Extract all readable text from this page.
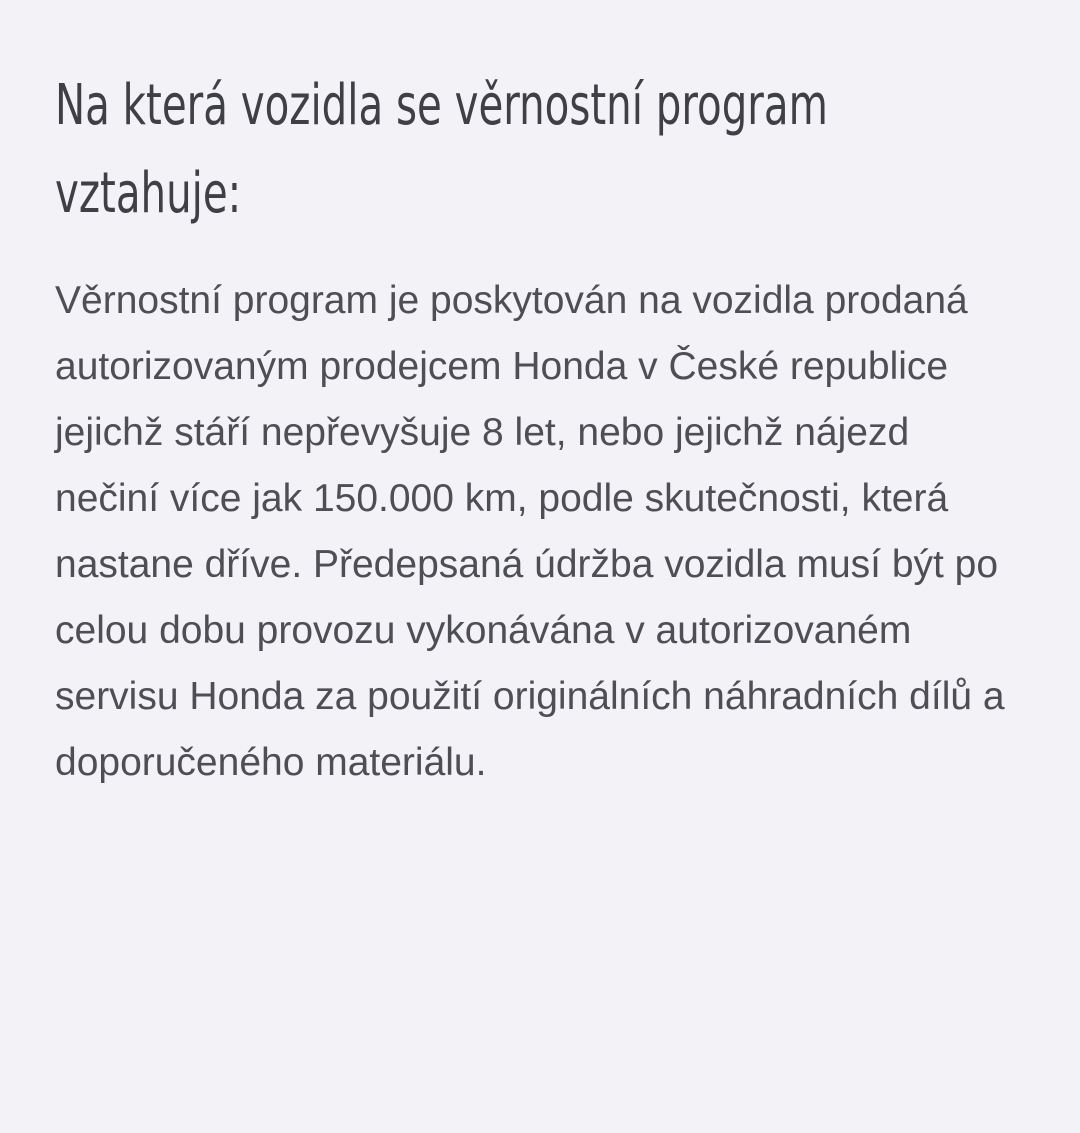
Na která vozidla se věrnostní program vztahuje:

Věrnostní program je poskytován na vozidla prodaná autorizovaným prodejcem Honda v České republice jejichž stáří nepřevyšuje 8 let, nebo jejichž nájezd nečiní více jak 150.000 km, podle skutečnosti, která nastane dříve. Předepsaná údržba vozidla musí být po celou dobu provozu vykonávána v autorizovaném servisu Honda za použití originálních náhradních dílů a doporučeného materiálu.
